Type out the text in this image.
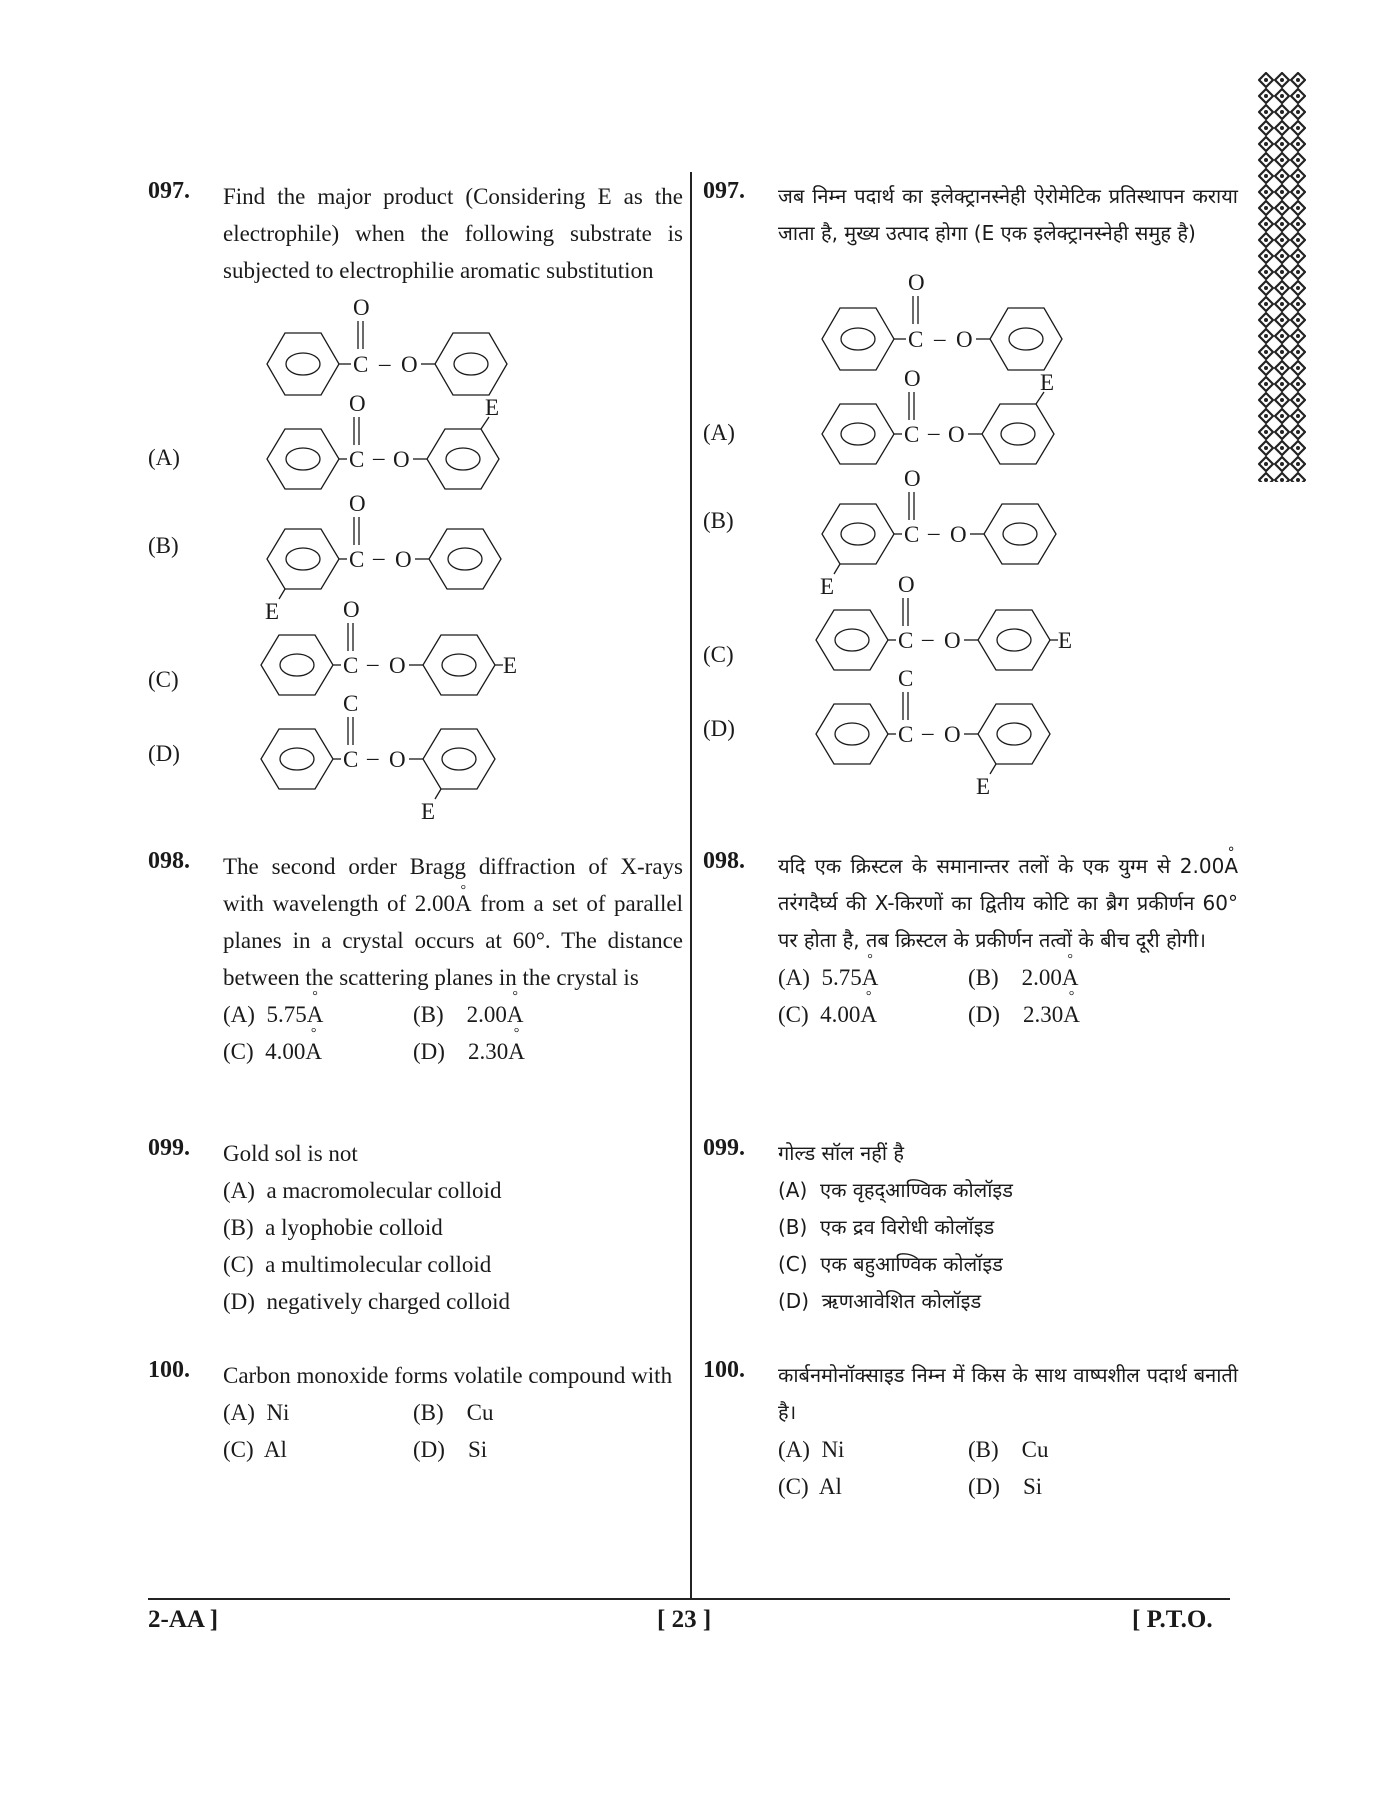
097. Find the major product (Considering E as the electrophile) when the following substrate is subjected to electrophilie aromatic substitution
C
O
– O
(A)	C
O
– O
E
(B)
E
C
O
– O
(C)
C
O
– O	E
(D)	C
C
– O
E
098. The second order Bragg diffraction of X-rays with wavelength of 2.00° A from a set of parallel planes in a crystal occurs at 60°. The distance between the scattering planes in the crystal is
(A) 5.75° A	(B) 2.00° A
(C) 4.00° A	(D) 2.30° A
099. Gold sol is not
(A) a macromolecular colloid
(B) a lyophobie colloid
(C) a multimolecular colloid
(D) negatively charged colloid
100. Carbon monoxide forms volatile compound with
(A) Ni	(B) Cu
(C) Al	(D) Si
097. जब निम्न पदार्थ का इलेक्ट्रानस्नेही ऐरोमेटिक प्रतिस्थापन कराया जाता है, मुख्य उत्पाद होगा (E एक इलेक्ट्रानस्नेही समुह है)
C
O
– O
(A)	C
O
– O
E
(B)
E
C
O
– O
(C)
C
O
– O	E
(D)	C
C
– O
E
098. यदि एक क्रिस्टल के समानान्तर तलों के एक युग्म से 2.00° A तरंगदैर्घ्य की X-किरणों का द्वितीय कोटि का ब्रैग प्रकीर्णन 60° पर होता है, तब क्रिस्टल के प्रकीर्णन तत्वों के बीच दूरी होगी।
(A) 5.75° A	(B) 2.00° A
(C) 4.00° A	(D) 2.30° A
099. गोल्ड सॉल नहीं है
(A) एक वृहद्आण्विक कोलॉइड
(B) एक द्रव विरोधी कोलॉइड
(C) एक बहुआण्विक कोलॉइड
(D) ऋणआवेशित कोलॉइड
100. कार्बनमोनॉक्साइड निम्न में किस के साथ वाष्पशील पदार्थ बनाती है।
(A) Ni	(B) Cu
(C) Al	(D) Si
2-AA ]	[ 23 ]	[ P.T.O.
